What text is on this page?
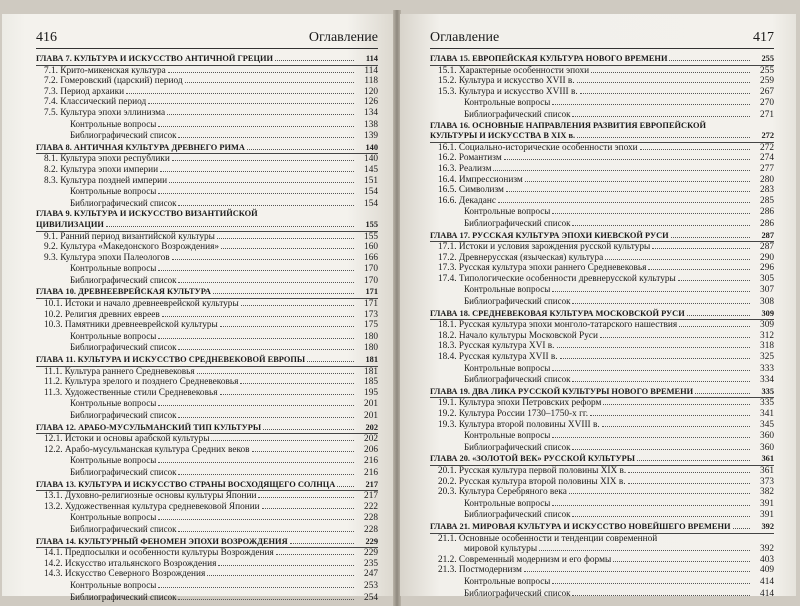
416	Оглавление
ГЛАВА 7. КУЛЬТУРА И ИСКУССТВО АНТИЧНОЙ ГРЕЦИИ	114
7.1. Крито-микенская культура	114
7.2. Гомеровский (царский) период	118
7.3. Период архаики	120
7.4. Классический период	126
7.5. Культура эпохи эллинизма	134
Контрольные вопросы	138
Библиографический список	139
ГЛАВА 8. АНТИЧНАЯ КУЛЬТУРА ДРЕВНЕГО РИМА	140
8.1. Культура эпохи республики	140
8.2. Культура эпохи империи	145
8.3. Культура поздней империи	151
Контрольные вопросы	154
Библиографический список	154
ГЛАВА 9. КУЛЬТУРА И ИСКУССТВО ВИЗАНТИЙСКОЙ
ЦИВИЛИЗАЦИИ	155
9.1. Ранний период византийской культуры	155
9.2. Культура «Македонского Возрождения»	160
9.3. Культура эпохи Палеологов	166
Контрольные вопросы	170
Библиографический список	170
ГЛАВА 10. ДРЕВНЕЕВРЕЙСКАЯ КУЛЬТУРА	171
10.1. Истоки и начало древнееврейской культуры	171
10.2. Религия древних евреев	173
10.3. Памятники древнееврейской культуры	175
Контрольные вопросы	180
Библиографический список	180
ГЛАВА 11. КУЛЬТУРА И ИСКУССТВО СРЕДНЕВЕКОВОЙ ЕВРОПЫ	181
11.1. Культура раннего Средневековья	181
11.2. Культура зрелого и позднего Средневековья	185
11.3. Художественные стили Средневековья	195
Контрольные вопросы	201
Библиографический список	201
ГЛАВА 12. АРАБО-МУСУЛЬМАНСКИЙ ТИП КУЛЬТУРЫ	202
12.1. Истоки и основы арабской культуры	202
12.2. Арабо-мусульманская культура Средних веков	206
Контрольные вопросы	216
Библиографический список	216
ГЛАВА 13. КУЛЬТУРА И ИСКУССТВО СТРАНЫ ВОСХОДЯЩЕГО СОЛНЦА	217
13.1. Духовно-религиозные основы культуры Японии	217
13.2. Художественная культура средневековой Японии	222
Контрольные вопросы	228
Библиографический список	228
ГЛАВА 14. КУЛЬТУРНЫЙ ФЕНОМЕН ЭПОХИ ВОЗРОЖДЕНИЯ	229
14.1. Предпосылки и особенности культуры Возрождения	229
14.2. Искусство итальянского Возрождения	235
14.3. Искусство Северного Возрождения	247
Контрольные вопросы	253
Библиографический список	254
Оглавление	417
ГЛАВА 15. ЕВРОПЕЙСКАЯ КУЛЬТУРА НОВОГО ВРЕМЕНИ	255
15.1. Характерные особенности эпохи	255
15.2. Культура и искусство XVII в.	259
15.3. Культура и искусство XVIII в.	267
Контрольные вопросы	270
Библиографический список	271
ГЛАВА 16. ОСНОВНЫЕ НАПРАВЛЕНИЯ РАЗВИТИЯ ЕВРОПЕЙСКОЙ
КУЛЬТУРЫ И ИСКУССТВА В XIX в.	272
16.1. Социально-исторические особенности эпохи	272
16.2. Романтизм	274
16.3. Реализм	277
16.4. Импрессионизм	280
16.5. Символизм	283
16.6. Декаданс	285
Контрольные вопросы	286
Библиографический список	286
ГЛАВА 17. РУССКАЯ КУЛЬТУРА ЭПОХИ КИЕВСКОЙ РУСИ	287
17.1. Истоки и условия зарождения русской культуры	287
17.2. Древнерусская (языческая) культура	290
17.3. Русская культура эпохи раннего Средневековья	296
17.4. Типологические особенности древнерусской культуры	305
Контрольные вопросы	307
Библиографический список	308
ГЛАВА 18. СРЕДНЕВЕКОВАЯ КУЛЬТУРА МОСКОВСКОЙ РУСИ	309
18.1. Русская культура эпохи монголо-татарского нашествия	309
18.2. Начало культуры Московской Руси	312
18.3. Русская культура XVI в.	318
18.4. Русская культура XVII в.	325
Контрольные вопросы	333
Библиографический список	334
ГЛАВА 19. ДВА ЛИКА РУССКОЙ КУЛЬТУРЫ НОВОГО ВРЕМЕНИ	335
19.1. Культура эпохи Петровских реформ	335
19.2. Культура России 1730–1750-х гг.	341
19.3. Культура второй половины XVIII в.	345
Контрольные вопросы	360
Библиографический список	360
ГЛАВА 20. «ЗОЛОТОЙ ВЕК» РУССКОЙ КУЛЬТУРЫ	361
20.1. Русская культура первой половины XIX в.	361
20.2. Русская культура второй половины XIX в.	373
20.3. Культура Серебряного века	382
Контрольные вопросы	391
Библиографический список	391
ГЛАВА 21. МИРОВАЯ КУЛЬТУРА И ИСКУССТВО НОВЕЙШЕГО ВРЕМЕНИ	392
21.1. Основные особенности и тенденции современной
мировой культуры	392
21.2. Современный модернизм и его формы	403
21.3. Постмодернизм	409
Контрольные вопросы	414
Библиографический список	414
